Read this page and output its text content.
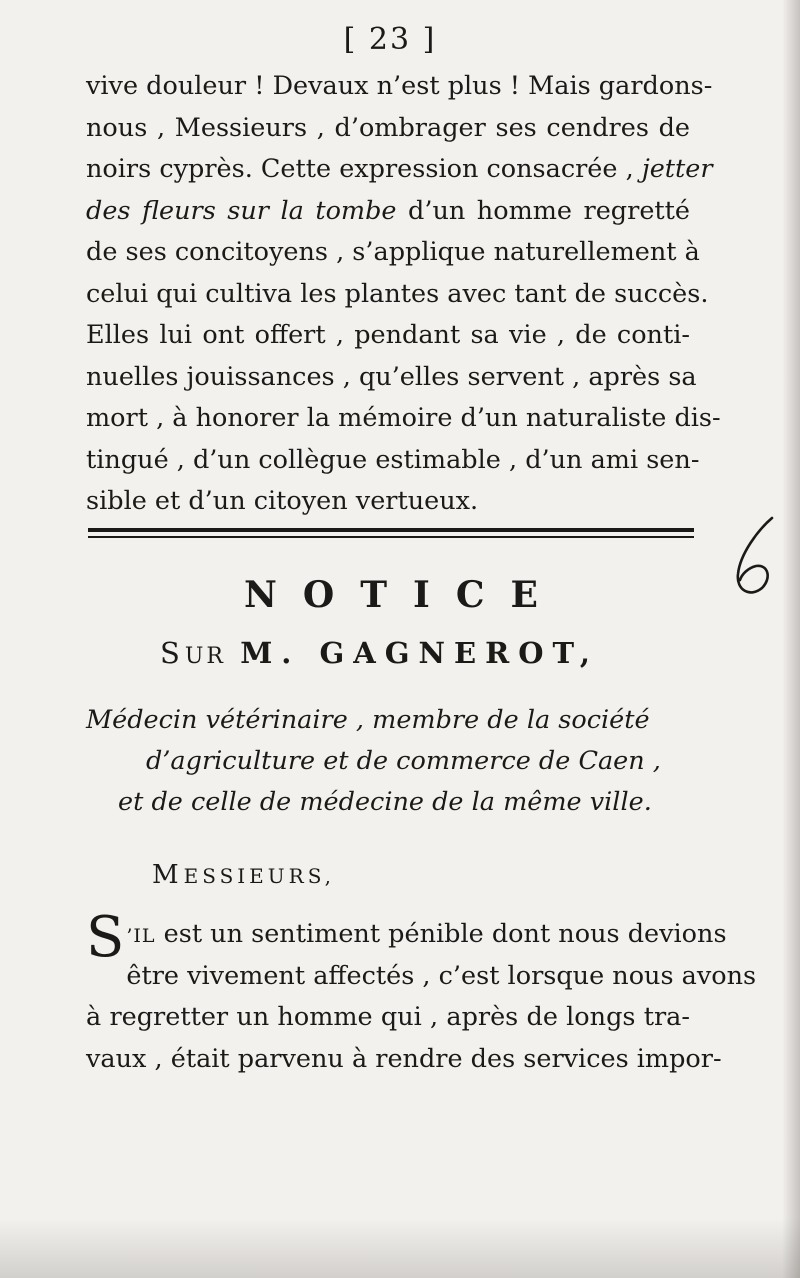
[ 23 ]
vive douleur ! Devaux n’est plus ! Mais gardons-
nous , Messieurs , d’ombrager ses cendres de
noirs cyprès. Cette expression consacrée , jetter
des fleurs sur la tombe d’un homme regretté
de ses concitoyens , s’applique naturellement à
celui qui cultiva les plantes avec tant de succès.
Elles lui ont offert , pendant sa vie , de conti-
nuelles jouissances , qu’elles servent , après sa
mort , à honorer la mémoire d’un naturaliste dis-
tingué , d’un collègue estimable , d’un ami sen-
sible et d’un citoyen vertueux.
NOTICE
SUR M. GAGNEROT,
Médecin vétérinaire , membre de la société
d’agriculture et de commerce de Caen ,
et de celle de médecine de la même ville.
MESSIEURS,
S ’IL est un sentiment pénible dont nous devions
être vivement affectés , c’est lorsque nous avons
à regretter un homme qui , après de longs tra-
vaux , était parvenu à rendre des services impor-
